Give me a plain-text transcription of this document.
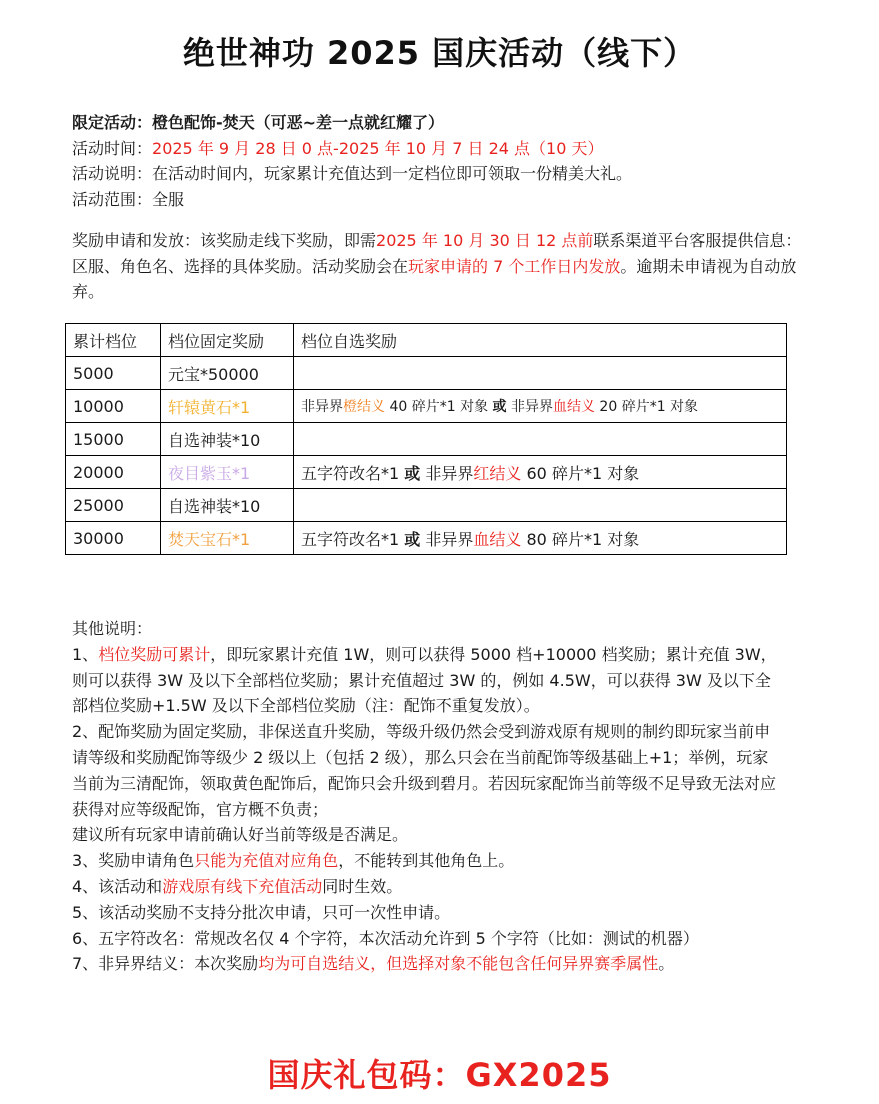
绝世神功 2025 国庆活动（线下）

限定活动：橙色配饰-焚天（可恶~差一点就红耀了）

活动时间：2025 年 9 月 28 日 0 点-2025 年 10 月 7 日 24 点（10 天）

活动说明：在活动时间内，玩家累计充值达到一定档位即可领取一份精美大礼。

活动范围：全服

奖励申请和发放：该奖励走线下奖励，即需2025 年 10 月 30 日 12 点前联系渠道平台客服提供信息：区服、角色名、选择的具体奖励。活动奖励会在玩家申请的 7 个工作日内发放。逾期未申请视为自动放弃。

累计档位	档位固定奖励	档位自选奖励
5000	元宝*50000	
10000	轩辕黄石*1	非异界橙结义 40 碎片*1 对象 或 非异界血结义 20 碎片*1 对象
15000	自选神装*10	
20000	夜目紫玉*1	五字符改名*1 或 非异界红结义 60 碎片*1 对象
25000	自选神装*10	
30000	焚天宝石*1	五字符改名*1 或 非异界血结义 80 碎片*1 对象

其他说明：

1、档位奖励可累计，即玩家累计充值 1W，则可以获得 5000 档+10000 档奖励；累计充值 3W，则可以获得 3W 及以下全部档位奖励；累计充值超过 3W 的，例如 4.5W，可以获得 3W 及以下全部档位奖励+1.5W 及以下全部档位奖励（注：配饰不重复发放）。

2、配饰奖励为固定奖励，非保送直升奖励，等级升级仍然会受到游戏原有规则的制约即玩家当前申请等级和奖励配饰等级少 2 级以上（包括 2 级），那么只会在当前配饰等级基础上+1；举例，玩家当前为三清配饰，领取黄色配饰后，配饰只会升级到碧月。若因玩家配饰当前等级不足导致无法对应获得对应等级配饰，官方概不负责；

建议所有玩家申请前确认好当前等级是否满足。

3、奖励申请角色只能为充值对应角色，不能转到其他角色上。

4、该活动和游戏原有线下充值活动同时生效。

5、该活动奖励不支持分批次申请，只可一次性申请。

6、五字符改名：常规改名仅 4 个字符，本次活动允许到 5 个字符（比如：测试的机器）

7、非异界结义：本次奖励均为可自选结义，但选择对象不能包含任何异界赛季属性。

国庆礼包码：GX2025
